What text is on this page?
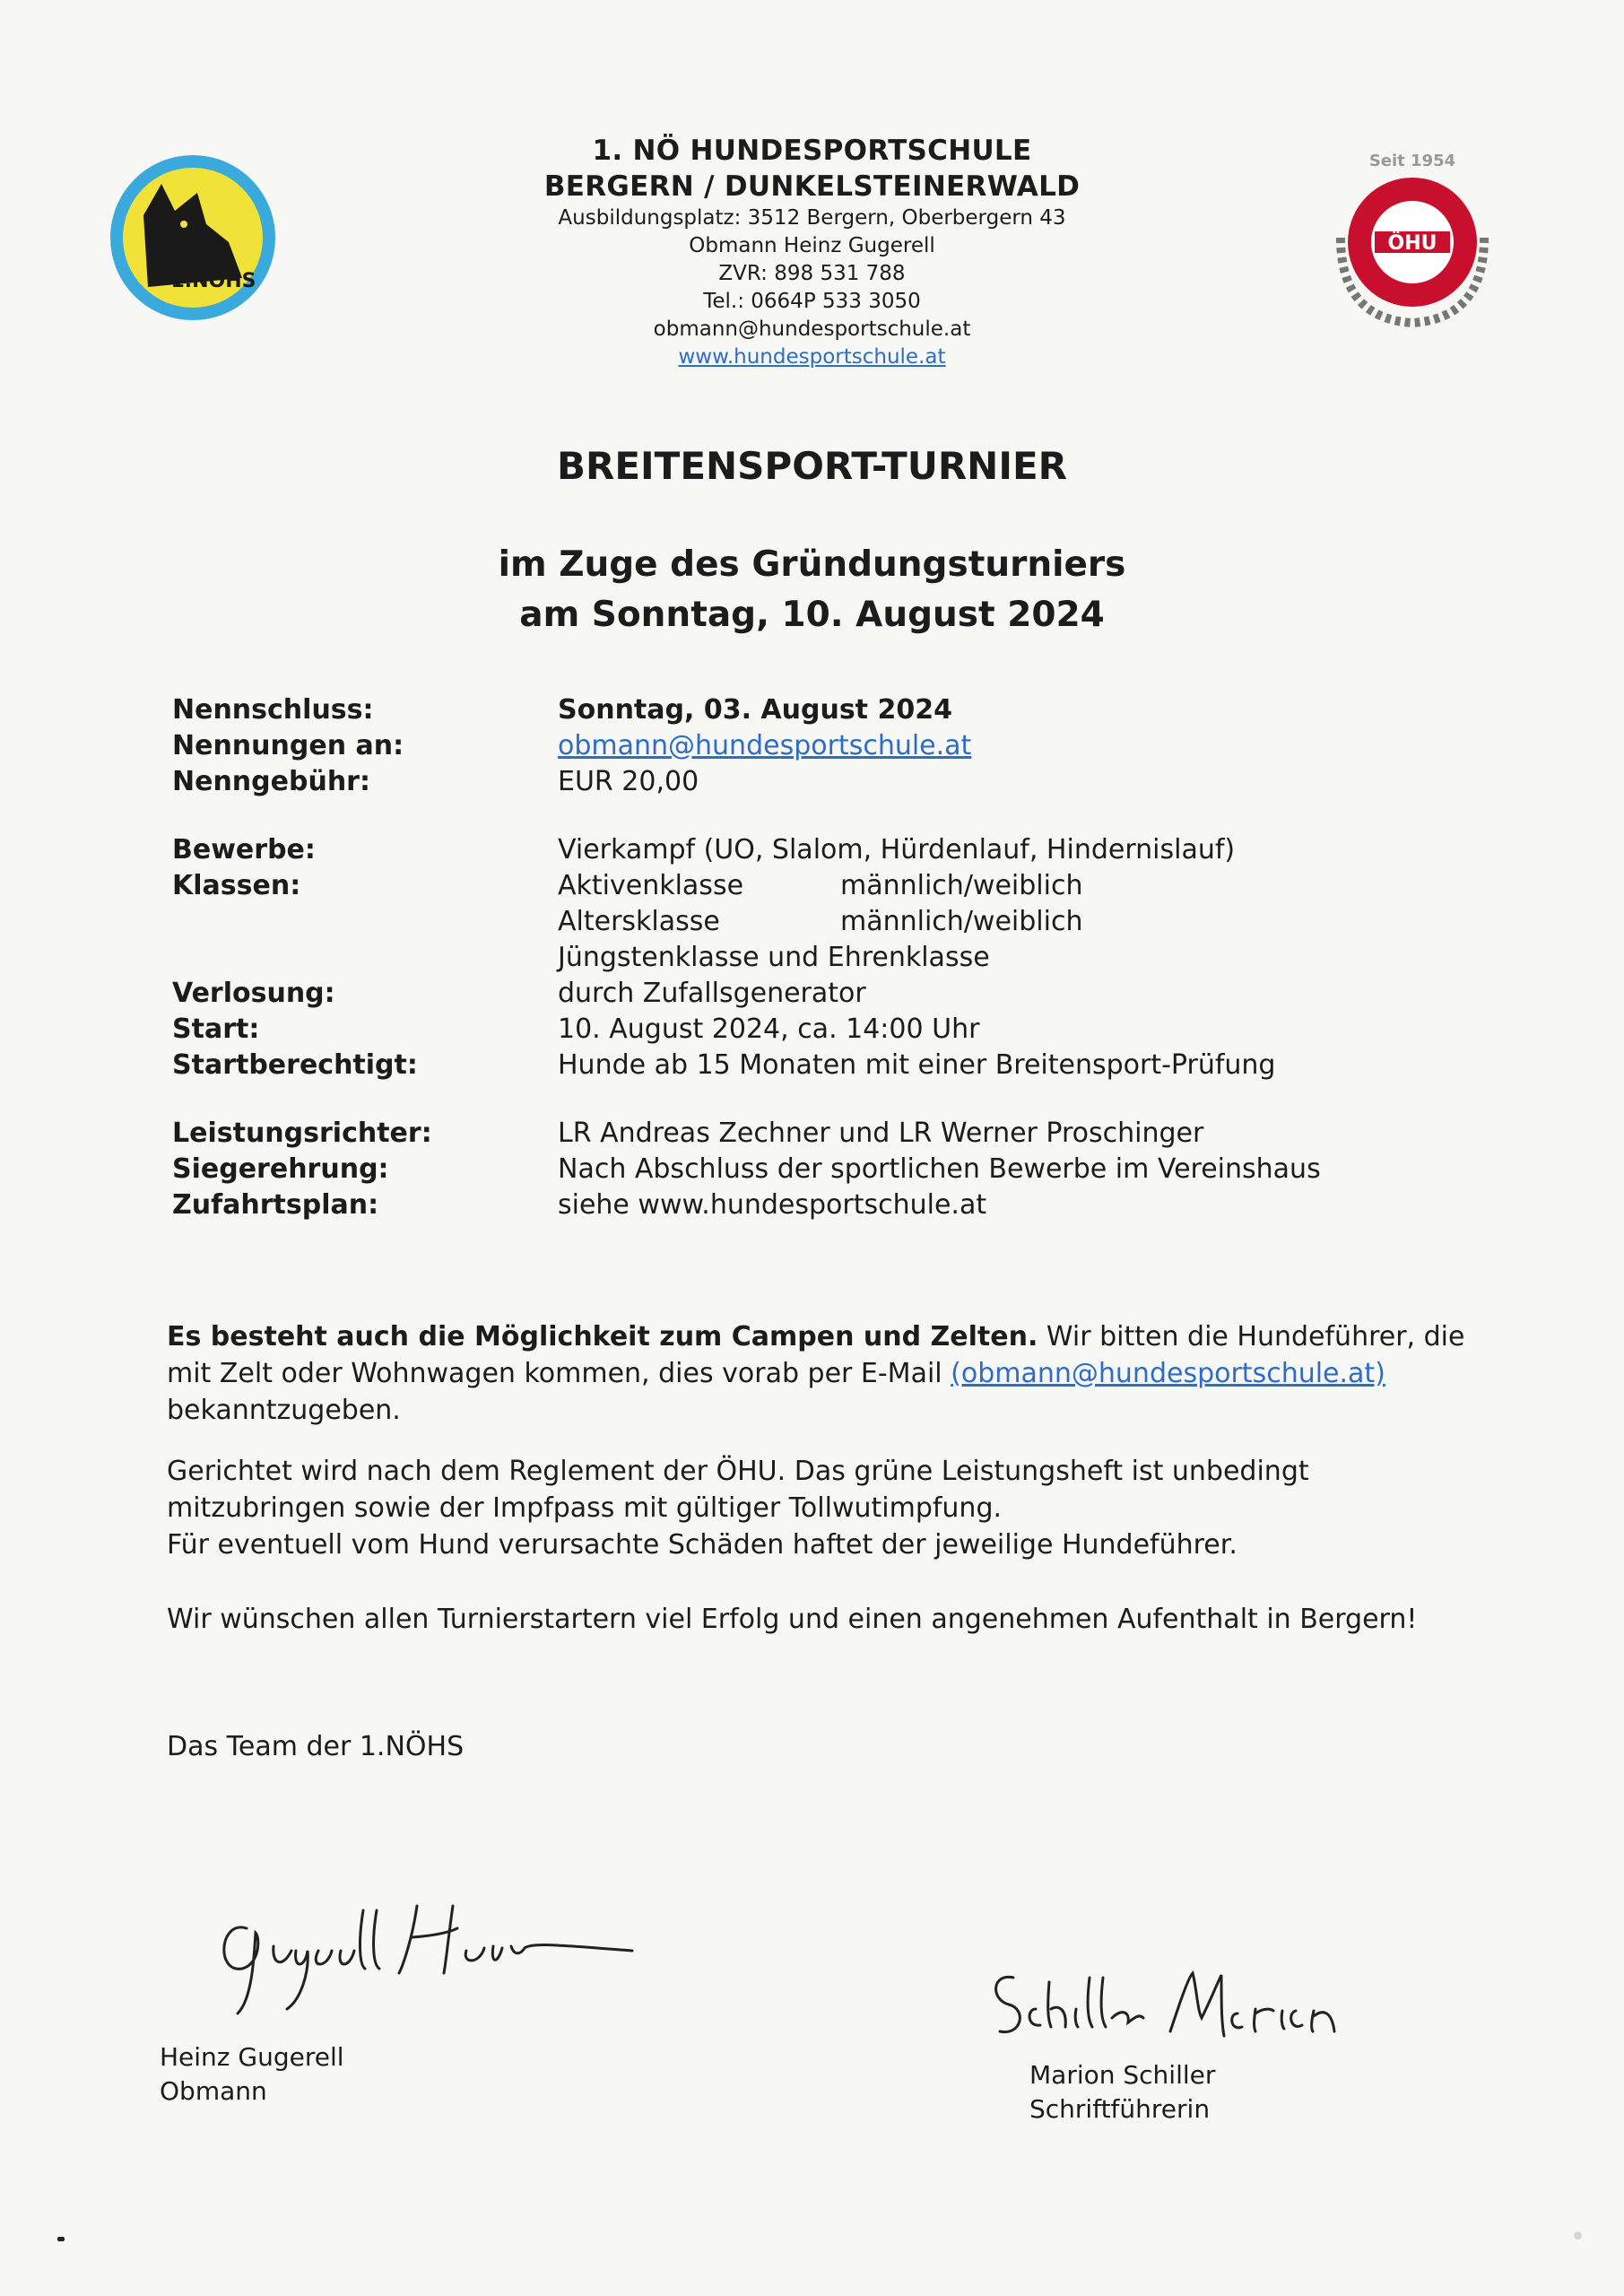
1.NÖHS
Seit 1954
ÖHU
1. NÖ HUNDESPORTSCHULE
BERGERN / DUNKELSTEINERWALD
Ausbildungsplatz: 3512 Bergern, Oberbergern 43
Obmann Heinz Gugerell
ZVR: 898 531 788
Tel.: 0664P 533 3050
obmann@hundesportschule.at
www.hundesportschule.at
BREITENSPORT-TURNIER
im Zuge des Gründungsturniers
am Sonntag, 10. August 2024
Nennschluss:	Sonntag, 03. August 2024
Nennungen an:	obmann@hundesportschule.at
Nenngebühr:	EUR 20,00
Bewerbe:	Vierkampf (UO, Slalom, Hürdenlauf, Hindernislauf)
Klassen:	Aktivenklasse	männlich/weiblich
Altersklasse	männlich/weiblich
Jüngstenklasse und Ehrenklasse
Verlosung:	durch Zufallsgenerator
Start:	10. August 2024, ca. 14:00 Uhr
Startberechtigt:	Hunde ab 15 Monaten mit einer Breitensport-Prüfung
Leistungsrichter:	LR Andreas Zechner und LR Werner Proschinger
Siegerehrung:	Nach Abschluss der sportlichen Bewerbe im Vereinshaus
Zufahrtsplan:	siehe www.hundesportschule.at
Es besteht auch die Möglichkeit zum Campen und Zelten. Wir bitten die Hundeführer, die mit Zelt oder Wohnwagen kommen, dies vorab per E-Mail (obmann@hundesportschule.at) bekanntzugeben.
Gerichtet wird nach dem Reglement der ÖHU. Das grüne Leistungsheft ist unbedingt mitzubringen sowie der Impfpass mit gültiger Tollwutimpfung.
Für eventuell vom Hund verursachte Schäden haftet der jeweilige Hundeführer.
Wir wünschen allen Turnierstartern viel Erfolg und einen angenehmen Aufenthalt in Bergern!
Das Team der 1.NÖHS
Heinz Gugerell
Obmann
Marion Schiller
Schriftführerin
